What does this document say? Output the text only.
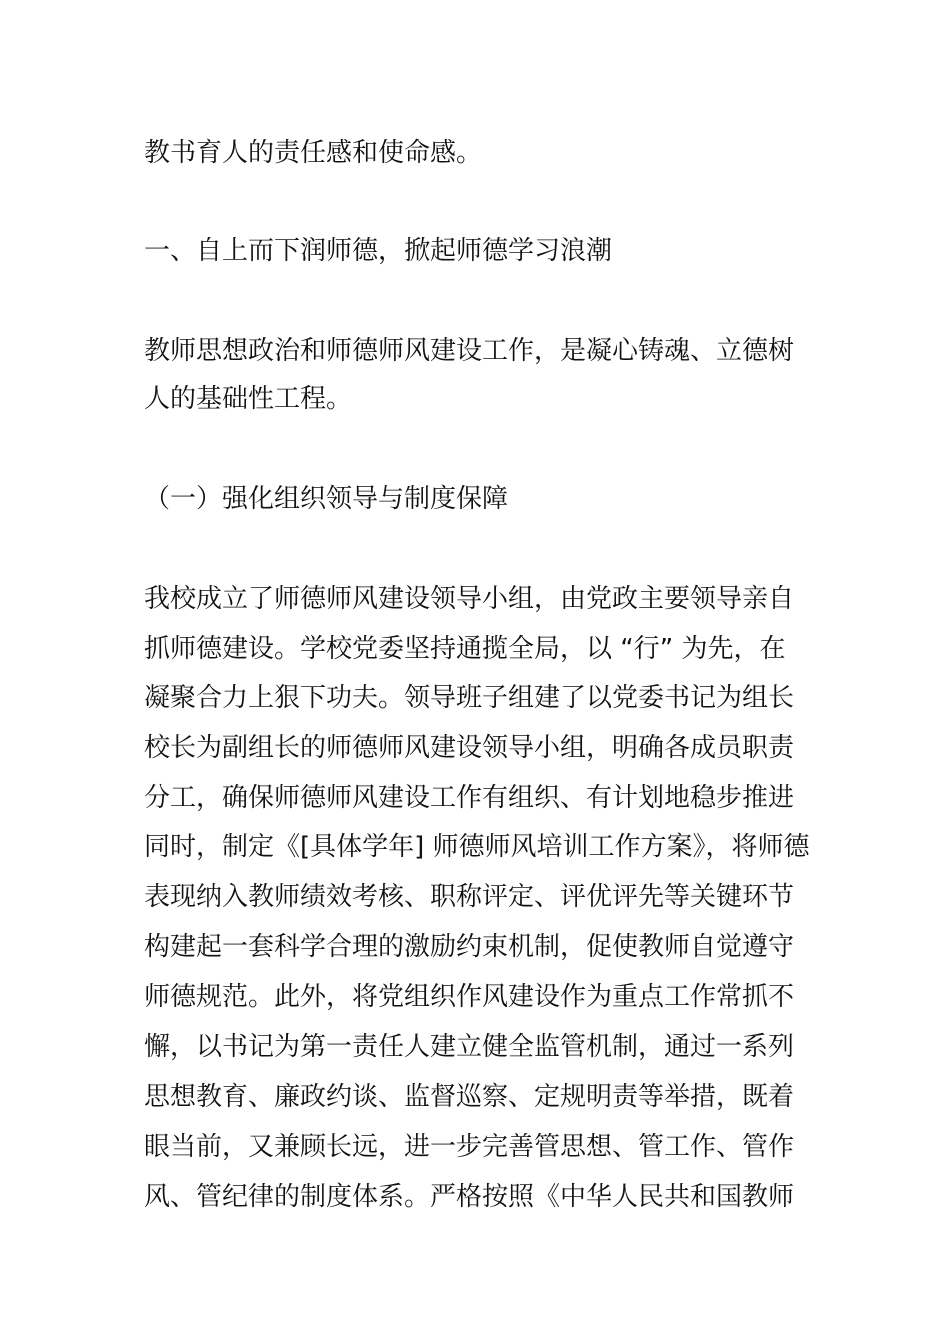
教书育人的责任感和使命感。

一、自上而下润师德，掀起师德学习浪潮

教师思想政治和师德师风建设工作，是凝心铸魂、立德树

人的基础性工程。

（一）强化组织领导与制度保障

我校成立了师德师风建设领导小组，由党政主要领导亲自

抓师德建设。学校党委坚持通揽全局，以 “行” 为先，在

凝聚合力上狠下功夫。领导班子组建了以党委书记为组长

校长为副组长的师德师风建设领导小组，明确各成员职责

分工，确保师德师风建设工作有组织、有计划地稳步推进

同时，制定《[具体学年] 师德师风培训工作方案》，将师德

表现纳入教师绩效考核、职称评定、评优评先等关键环节

构建起一套科学合理的激励约束机制，促使教师自觉遵守

师德规范。此外，将党组织作风建设作为重点工作常抓不

懈，以书记为第一责任人建立健全监管机制，通过一系列

思想教育、廉政约谈、监督巡察、定规明责等举措，既着

眼当前，又兼顾长远，进一步完善管思想、管工作、管作

风、管纪律的制度体系。严格按照《中华人民共和国教师
